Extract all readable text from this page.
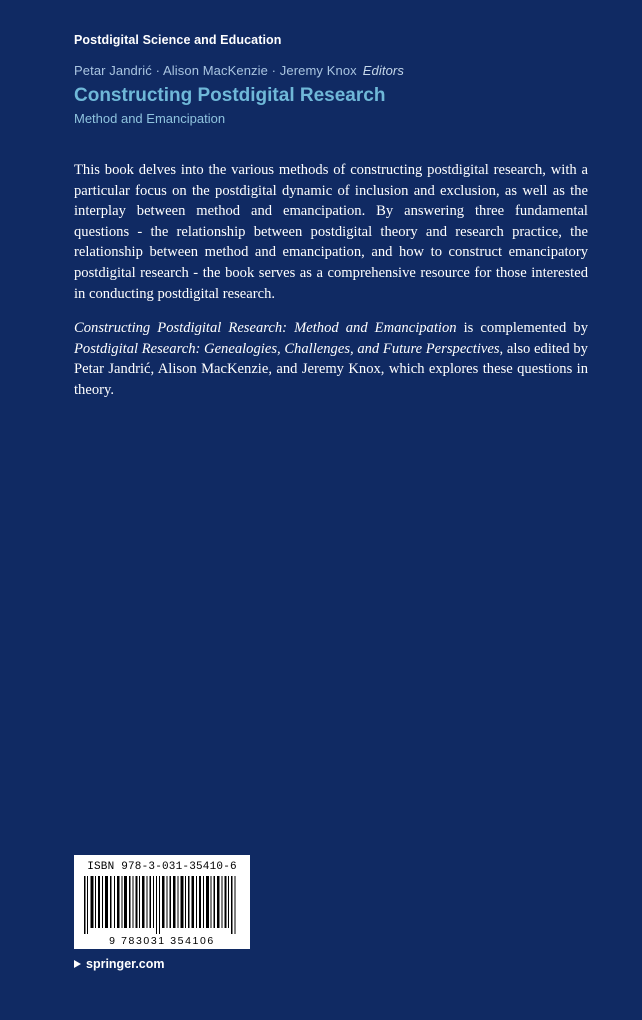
Postdigital Science and Education
Petar Jandrić · Alison MacKenzie · Jeremy Knox Editors
Constructing Postdigital Research
Method and Emancipation

This book delves into the various methods of constructing postdigital research, with a particular focus on the postdigital dynamic of inclusion and exclusion, as well as the interplay between method and emancipation. By answering three fundamental questions - the relationship between postdigital theory and research practice, the relationship between method and emancipation, and how to construct emancipatory postdigital research - the book serves as a comprehensive resource for those interested in conducting postdigital research.

Constructing Postdigital Research: Method and Emancipation is complemented by Postdigital Research: Genealogies, Challenges, and Future Perspectives, also edited by Petar Jandrić, Alison MacKenzie, and Jeremy Knox, which explores these questions in theory.

ISBN 978-3-031-35410-6
9 783031 354106
springer.com
